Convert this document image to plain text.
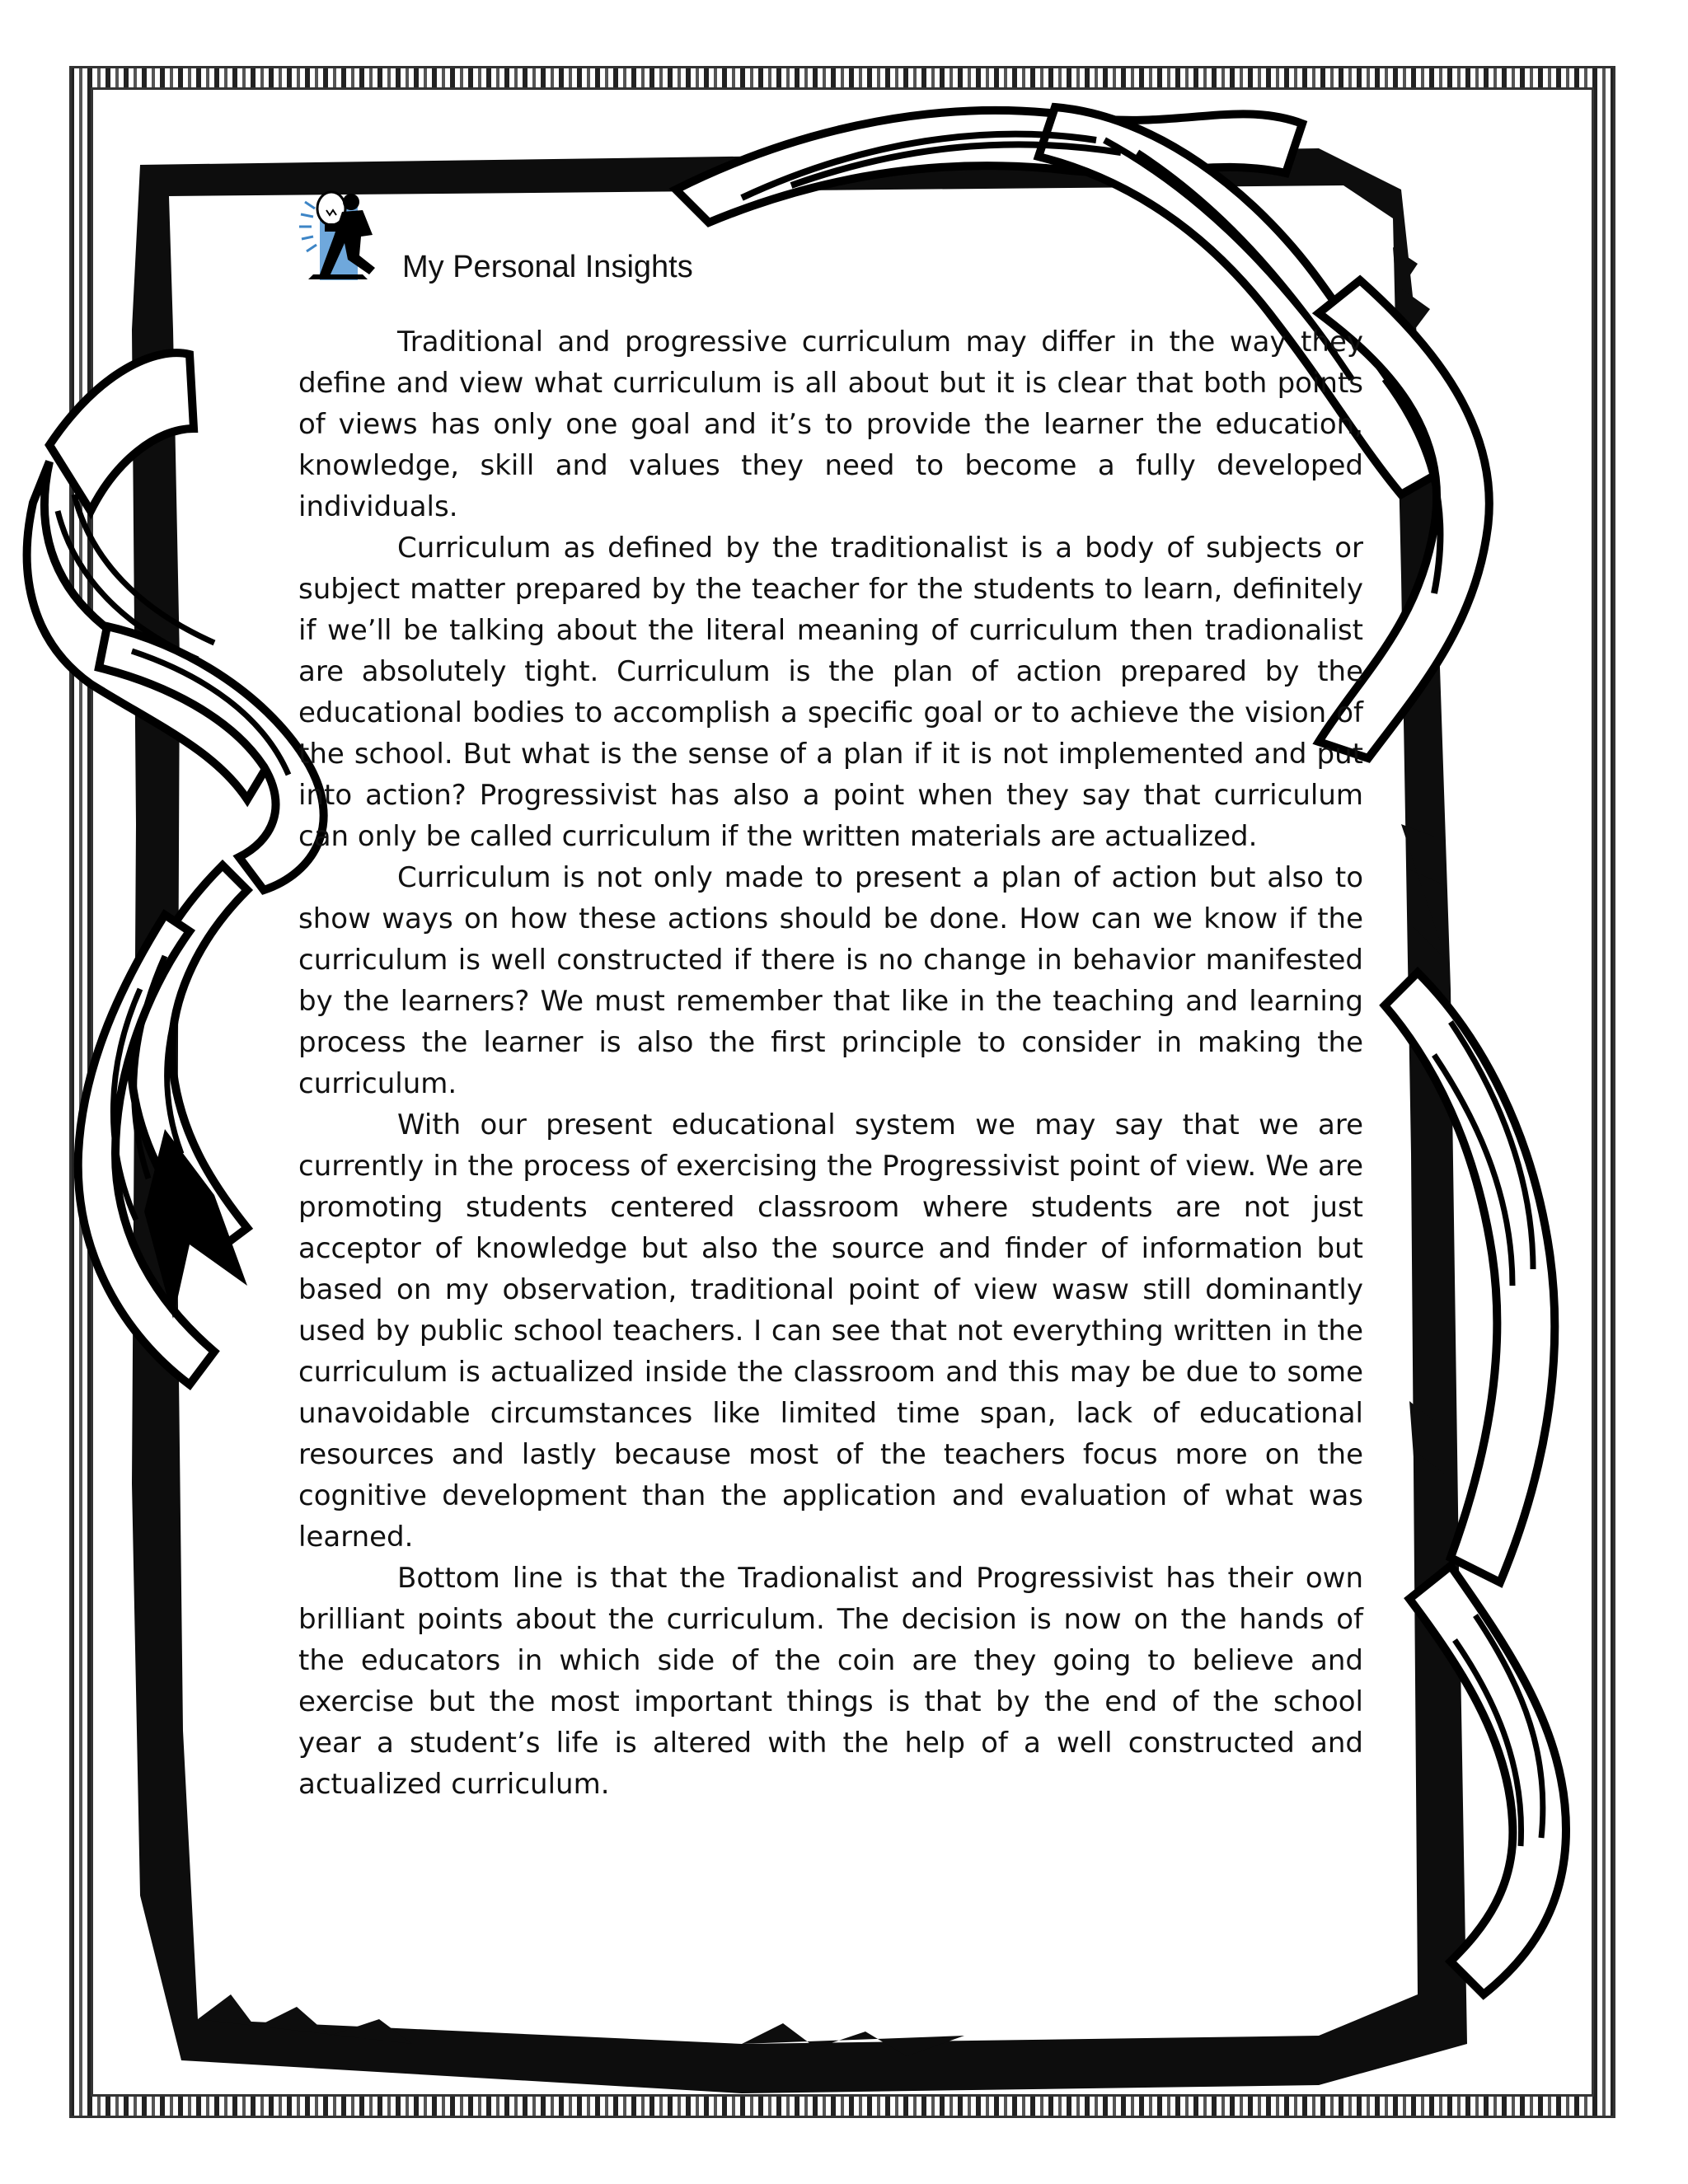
My Personal Insights

Traditional and progressive curriculum may differ in the way they define and view what curriculum is all about but it is clear that both points of views has only one goal and it’s to provide the learner the education, knowledge, skill and values they need to become a fully developed individuals.

Curriculum as defined by the traditionalist is a body of subjects or subject matter prepared by the teacher for the students to learn, definitely if we’ll be talking about the literal meaning of curriculum then tradionalist are absolutely tight. Curriculum is the plan of action prepared by the educational bodies to accomplish a specific goal or to achieve the vision of the school. But what is the sense of a plan if it is not implemented and put into action? Progressivist has also a point when they say that curriculum can only be called curriculum if the written materials are actualized.

Curriculum is not only made to present a plan of action but also to show ways on how these actions should be done. How can we know if the curriculum is well constructed if there is no change in behavior manifested by the learners? We must remember that like in the teaching and learning process the learner is also the first principle to consider in making the curriculum.

With our present educational system we may say that we are currently in the process of exercising the Progressivist point of view. We are promoting students centered classroom where students are not just acceptor of knowledge but also the source and finder of information but based on my observation, traditional point of view wasw still dominantly used by public school teachers. I can see that not everything written in the curriculum is actualized inside the classroom and this may be due to some unavoidable circumstances like limited time span, lack of educational resources and lastly because most of the teachers focus more on the cognitive development than the application and evaluation of what was learned.

Bottom line is that the Tradionalist and Progressivist has their own brilliant points about the curriculum. The decision is now on the hands of the educators in which side of the coin are they going to believe and exercise but the most important things is that by the end of the school year a student’s life is altered with the help of a well constructed and actualized curriculum.
